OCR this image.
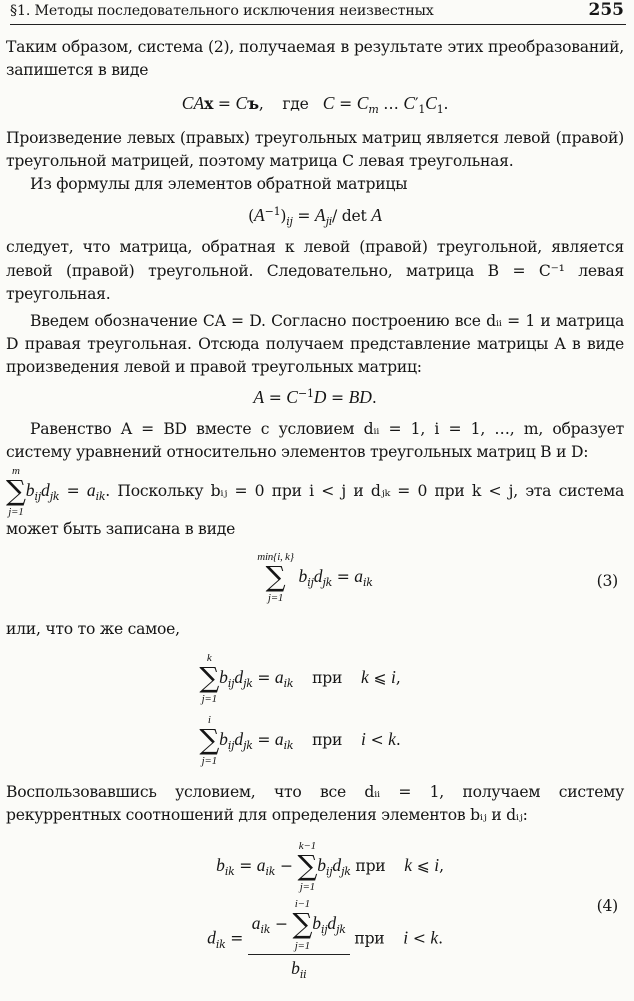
§1. Методы последовательного исключения неизвестных	255

Таким образом, система (2), получаемая в результате этих преобразований, запишется в виде

CAx = Cъ,    где $C = C_m$ … $C'_1C_1$.

Произведение левых (правых) треугольных матриц является левой (правой) треугольной матрицей, поэтому матрица C левая треугольная.

Из формулы для элементов обратной матрицы

$(A^{-1})_{ij} = A_{ji}/$ det A

следует, что матрица, обратная к левой (правой) треугольной, является левой (правой) треугольной. Следовательно, матрица B = C⁻¹ левая треугольная.

Введем обозначение CA = D. Согласно построению все dᵢᵢ = 1 и матрица D правая треугольная. Отсюда получаем представление матрицы A в виде произведения левой и правой треугольных матриц:

$A = C^{-1}D$ = BD.

Равенство A = BD вместе с условием dᵢᵢ = 1, i = 1, …, m, образует систему уравнений относительно элементов треугольных матриц B и D:

m
∑
j=1
$b_{ij}d_{jk} = a_{ik}$. Поскольку bᵢⱼ = 0 при i < j и dⱼₖ = 0 при k < j, эта система может быть записана в виде

min{i, k}
∑
j=1
$b_{ij}d_{jk} = a_{ik}$	(3)

или, что то же самое,

k
∑
j=1
$b_{ij}d_{jk} = a_{ik}$ при k ⩽ i,
i
∑
j=1
$b_{ij}d_{jk} = a_{ik}$ при i < k.

Воспользовавшись условием, что все dᵢᵢ = 1, получаем систему рекуррентных соотношений для определения элементов bᵢⱼ и dᵢⱼ:

$b_{ik} = a_{ik}$ −
k−1
∑
j=1
$b_{ij}d_{jk}$ при k ⩽ i,
$d_{ik} = a_{ik}$ −
i−1
∑
j=1
$b_{ij}d_{jk}$
$b_{ii}$ при i < k.
(4)
